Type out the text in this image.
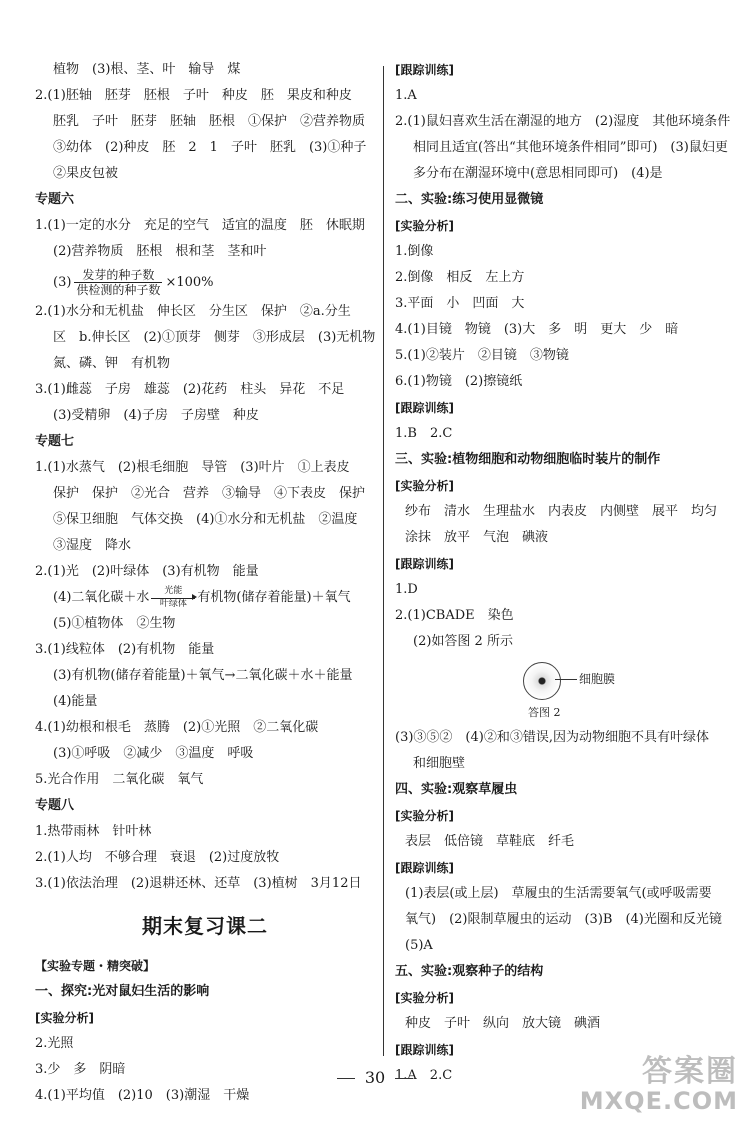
植物　(3)根、茎、叶　输导　煤
2.(1)胚轴　胚芽　胚根　子叶　种皮　胚　果皮和种皮
胚乳　子叶　胚芽　胚轴　胚根　①保护　②营养物质
③幼体　(2)种皮　胚　2　1　子叶　胚乳　(3)①种子
②果皮包被
专题六
1.(1)一定的水分　充足的空气　适宜的温度　胚　休眠期
(2)营养物质　胚根　根和茎　茎和叶
$(3) \frac{\text{发芽的种子数}}{\text{供检测的种子数}} \times 100\%$
2.(1)水分和无机盐　伸长区　分生区　保护　②a.分生
区　b.伸长区　(2)①顶芽　侧芽　③形成层　(3)无机物
氮、磷、钾　有机物
3.(1)雌蕊　子房　雄蕊　(2)花药　柱头　异花　不足
(3)受精卵　(4)子房　子房壁　种皮
专题七
1.(1)水蒸气　(2)根毛细胞　导管　(3)叶片　①上表皮
保护　保护　②光合　营养　③输导　④下表皮　保护
⑤保卫细胞　气体交换　(4)①水分和无机盐　②温度
③湿度　降水
2.(1)光　(2)叶绿体　(3)有机物　能量
(4)二氧化碳＋水	光能
叶绿体 有机物(储存着能量)＋氧气
(5)①植物体　②生物
3.(1)线粒体　(2)有机物　能量
(3)有机物(储存着能量)＋氧气→二氧化碳＋水＋能量
(4)能量
4.(1)幼根和根毛　蒸腾　(2)①光照　②二氧化碳
(3)①呼吸　②减少　③温度　呼吸
5.光合作用　二氧化碳　氧气
专题八
1.热带雨林　针叶林
2.(1)人均　不够合理　衰退　(2)过度放牧
3.(1)依法治理　(2)退耕还林、还草　(3)植树　3月12日
期末复习课二
【实验专题・精突破】
一、探究:光对鼠妇生活的影响
[实验分析]
2.光照
3.少　多　阴暗
4.(1)平均值　(2)10　(3)潮湿　干燥
[跟踪训练]
1.A
2.(1)鼠妇喜欢生活在潮湿的地方　(2)湿度　其他环境条件
相同且适宜(答出“其他环境条件相同”即可)　(3)鼠妇更
多分布在潮湿环境中(意思相同即可)　(4)是
二、实验:练习使用显微镜
[实验分析]
1.倒像
2.倒像　相反　左上方
3.平面　小　凹面　大
4.(1)目镜　物镜　(3)大　多　明　更大　少　暗
5.(1)②装片　②目镜　③物镜
6.(1)物镜　(2)擦镜纸
[跟踪训练]
1.B　2.C
三、实验:植物细胞和动物细胞临时装片的制作
[实验分析]
纱布　清水　生理盐水　内表皮　内侧壁　展平　均匀
涂抹　放平　气泡　碘液
[跟踪训练]
1.D
2.(1)CBADE　染色
(2)如答图 2 所示
细胞膜
答图 2
(3)③⑤②　(4)②和③错误,因为动物细胞不具有叶绿体
和细胞壁
四、实验:观察草履虫
[实验分析]
表层　低倍镜　草鞋底　纤毛
[跟踪训练]
(1)表层(或上层)　草履虫的生活需要氧气(或呼吸需要
氧气)　(2)限制草履虫的运动　(3)B　(4)光圈和反光镜
(5)A
五、实验:观察种子的结构
[实验分析]
种皮　子叶　纵向　放大镜　碘酒
[跟踪训练]
1.A　2.C
30	答案圈
MXQE.COM
